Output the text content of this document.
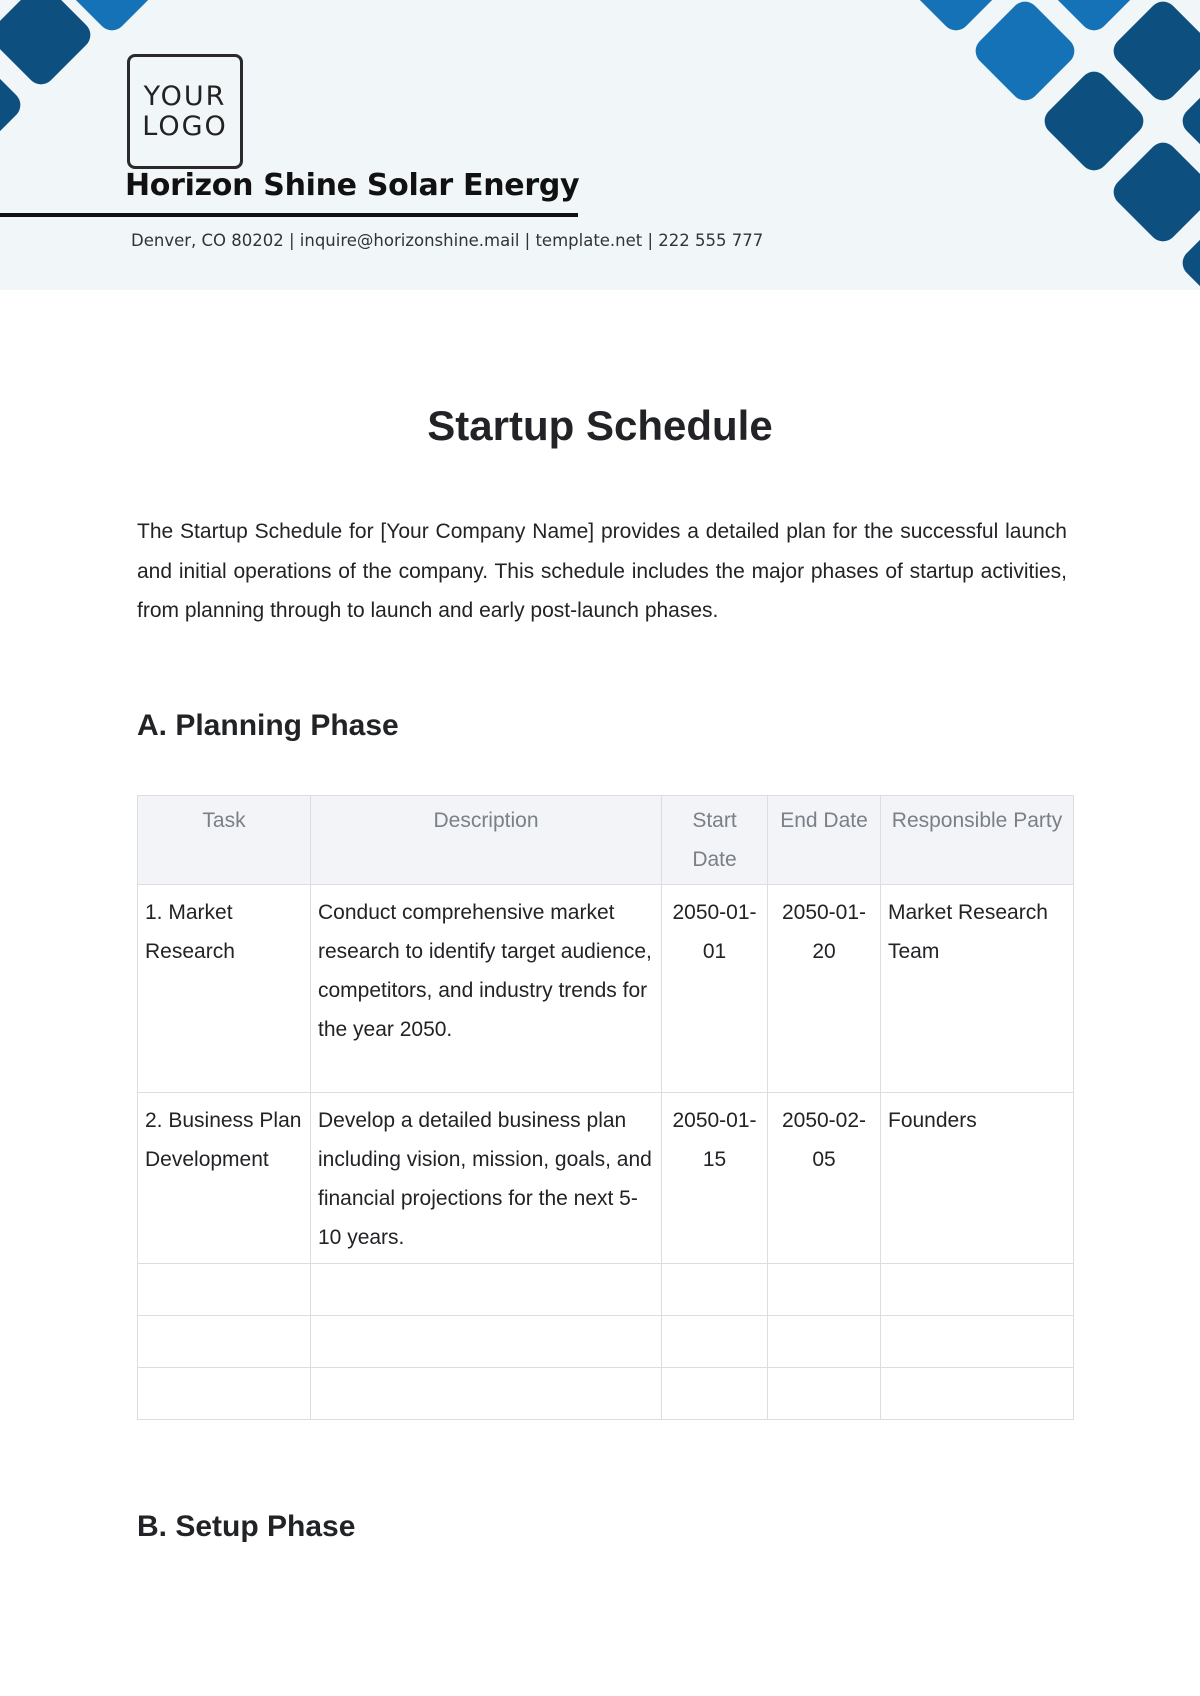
YOUR
LOGO
Horizon Shine Solar Energy
Denver, CO 80202 | inquire@horizonshine.mail | template.net | 222 555 777
Startup Schedule

The Startup Schedule for [Your Company Name] provides a detailed plan for the successful launch and initial operations of the company. This schedule includes the major phases of startup activities, from planning through to launch and early post-launch phases.

A. Planning Phase
Task	Description	Start Date	End Date	Responsible Party
1. Market Research	Conduct comprehensive market research to identify target audience, competitors, and industry trends for the year 2050.	2050-01-01	2050-01-20	Market Research Team
2. Business Plan Development	Develop a detailed business plan including vision, mission, goals, and financial projections for the next 5-10 years.	2050-01-15	2050-02-05	Founders

B. Setup Phase
